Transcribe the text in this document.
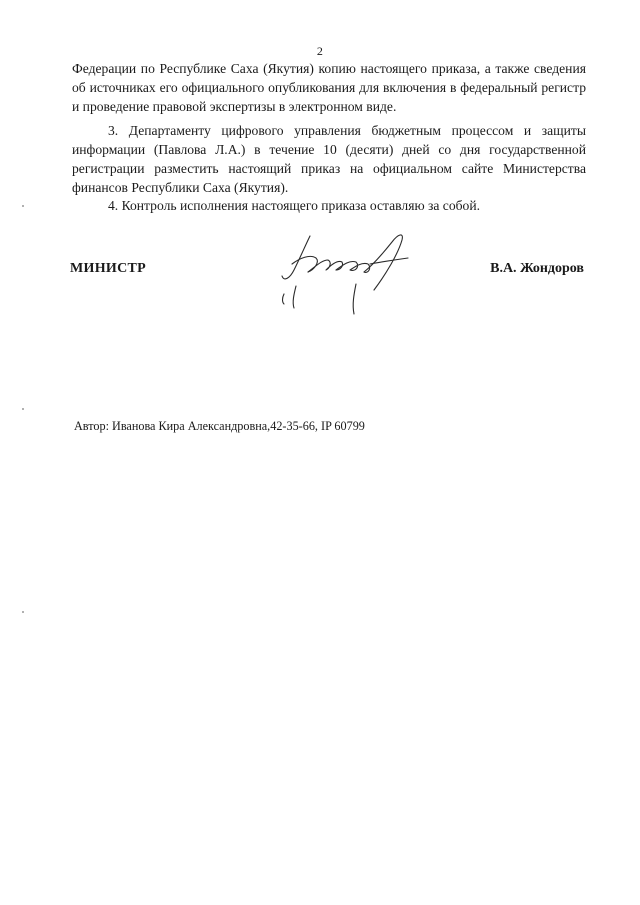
2

Федерации по Республике Саха (Якутия) копию настоящего приказа, а также сведения об источниках его официального опубликования для включения в федеральный регистр и проведение правовой экспертизы в электронном виде.

3. Департаменту цифрового управления бюджетным процессом и защиты информации (Павлова Л.А.) в течение 10 (десяти) дней со дня государственной регистрации разместить настоящий приказ на официальном сайте Министерства финансов Республики Саха (Якутия).

4. Контроль исполнения настоящего приказа оставляю за собой.

МИНИСТР	В.А. Жондоров
Автор: Иванова Кира Александровна,42-35-66, IP 60799
